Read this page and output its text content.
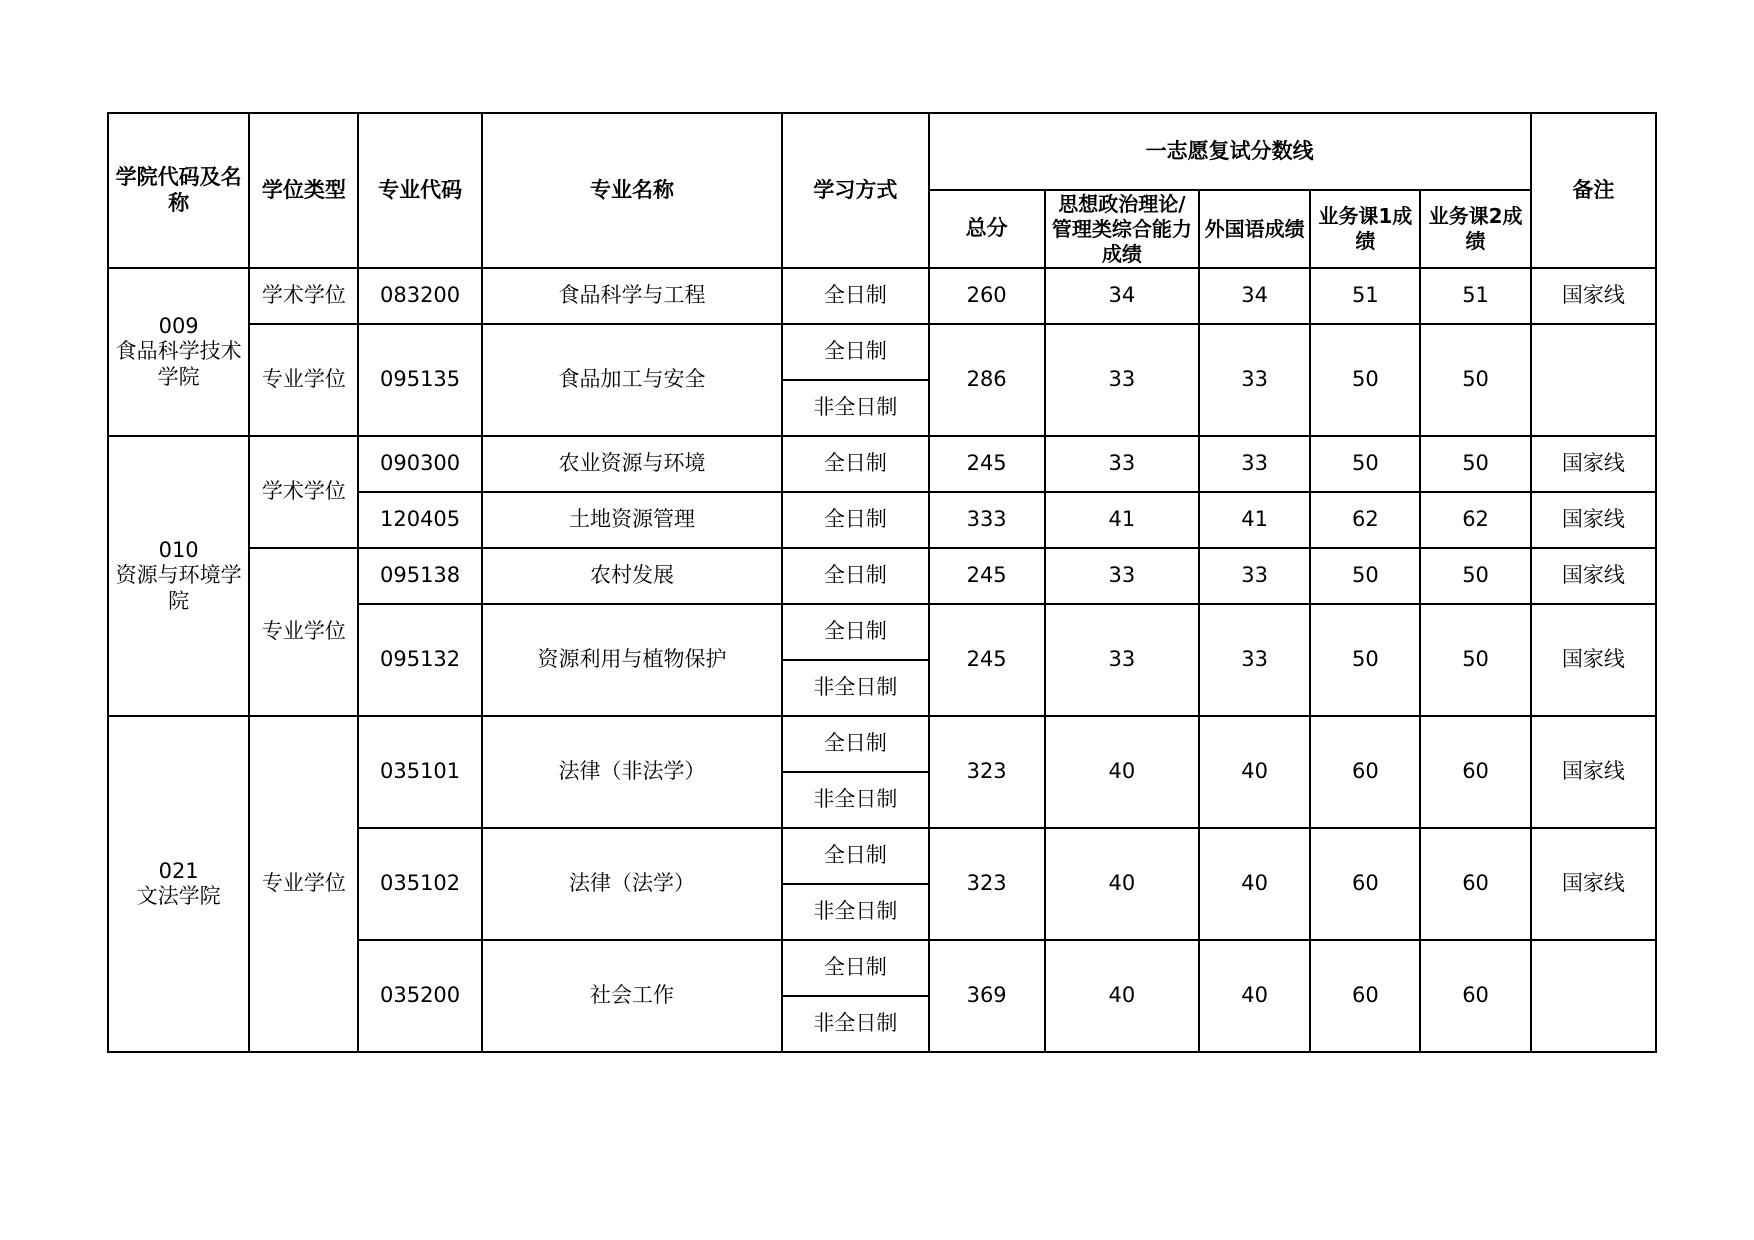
学院代码及名称	学位类型	专业代码	专业名称	学习方式	一志愿复试分数线					备注
					总分	思想政治理论/管理类综合能力成绩	外国语成绩	业务课1成绩	业务课2成绩	

009
食品科学技术学院	学术学位	083200	食品科学与工程	全日制	260	34	34	51	51	国家线
	专业学位	095135	食品加工与安全	全日制	286	33	33	50	50	
				非全日制						

010
资源与环境学院	学术学位	090300	农业资源与环境	全日制	245	33	33	50	50	国家线
		120405	土地资源管理	全日制	333	41	41	62	62	国家线
	专业学位	095138	农村发展	全日制	245	33	33	50	50	国家线
		095132	资源利用与植物保护	全日制	245	33	33	50	50	国家线
				非全日制						

021
文法学院	专业学位	035101	法律（非法学）	全日制	323	40	40	60	60	国家线
				非全日制						
		035102	法律（法学）	全日制	323	40	40	60	60	国家线
				非全日制						
		035200	社会工作	全日制	369	40	40	60	60	
				非全日制						
